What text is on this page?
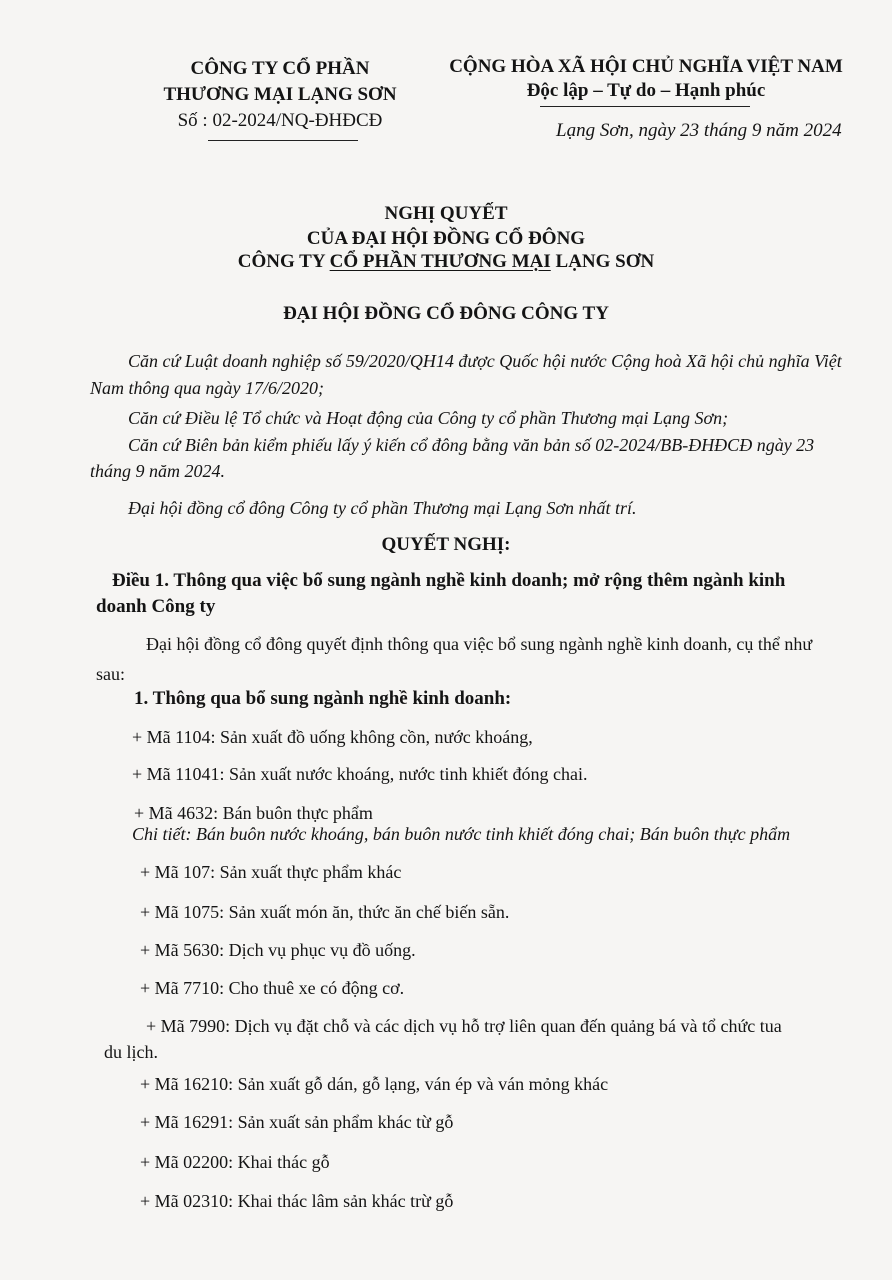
CÔNG TY CỔ PHẦN
THƯƠNG MẠI LẠNG SƠN
Số : 02-2024/NQ-ĐHĐCĐ
CỘNG HÒA XÃ HỘI CHỦ NGHĨA VIỆT NAM
Độc lập – Tự do – Hạnh phúc
Lạng Sơn, ngày 23 tháng 9 năm 2024
NGHỊ QUYẾT
CỦA ĐẠI HỘI ĐỒNG CỔ ĐÔNG
CÔNG TY CỔ PHẦN THƯƠNG MẠI LẠNG SƠN
ĐẠI HỘI ĐỒNG CỔ ĐÔNG CÔNG TY
Căn cứ Luật doanh nghiệp số 59/2020/QH14 được Quốc hội nước Cộng hoà Xã hội chủ nghĩa Việt
Nam thông qua ngày 17/6/2020;
Căn cứ Điều lệ Tổ chức và Hoạt động của Công ty cổ phần Thương mại Lạng Sơn;
Căn cứ Biên bản kiểm phiếu lấy ý kiến cổ đông bằng văn bản số 02-2024/BB-ĐHĐCĐ ngày 23
tháng 9 năm 2024.
Đại hội đồng cổ đông Công ty cổ phần Thương mại Lạng Sơn nhất trí.
QUYẾT NGHỊ:
Điều 1. Thông qua việc bổ sung ngành nghề kinh doanh; mở rộng thêm ngành kinh
doanh Công ty
Đại hội đồng cổ đông quyết định thông qua việc bổ sung ngành nghề kinh doanh, cụ thể như
sau:
1. Thông qua bổ sung ngành nghề kinh doanh:
+ Mã 1104: Sản xuất đồ uống không cồn, nước khoáng,
+ Mã 11041: Sản xuất nước khoáng, nước tinh khiết đóng chai.
+ Mã 4632: Bán buôn thực phẩm
Chi tiết: Bán buôn nước khoáng, bán buôn nước tinh khiết đóng chai; Bán buôn thực phẩm
+ Mã 107: Sản xuất thực phẩm khác
+ Mã 1075: Sản xuất món ăn, thức ăn chế biến sẵn.
+ Mã 5630: Dịch vụ phục vụ đồ uống.
+ Mã 7710: Cho thuê xe có động cơ.
+ Mã 7990: Dịch vụ đặt chỗ và các dịch vụ hỗ trợ liên quan đến quảng bá và tổ chức tua
du lịch.
+ Mã 16210: Sản xuất gỗ dán, gỗ lạng, ván ép và ván mỏng khác
+ Mã 16291: Sản xuất sản phẩm khác từ gỗ
+ Mã 02200: Khai thác gỗ
+ Mã 02310: Khai thác lâm sản khác trừ gỗ
